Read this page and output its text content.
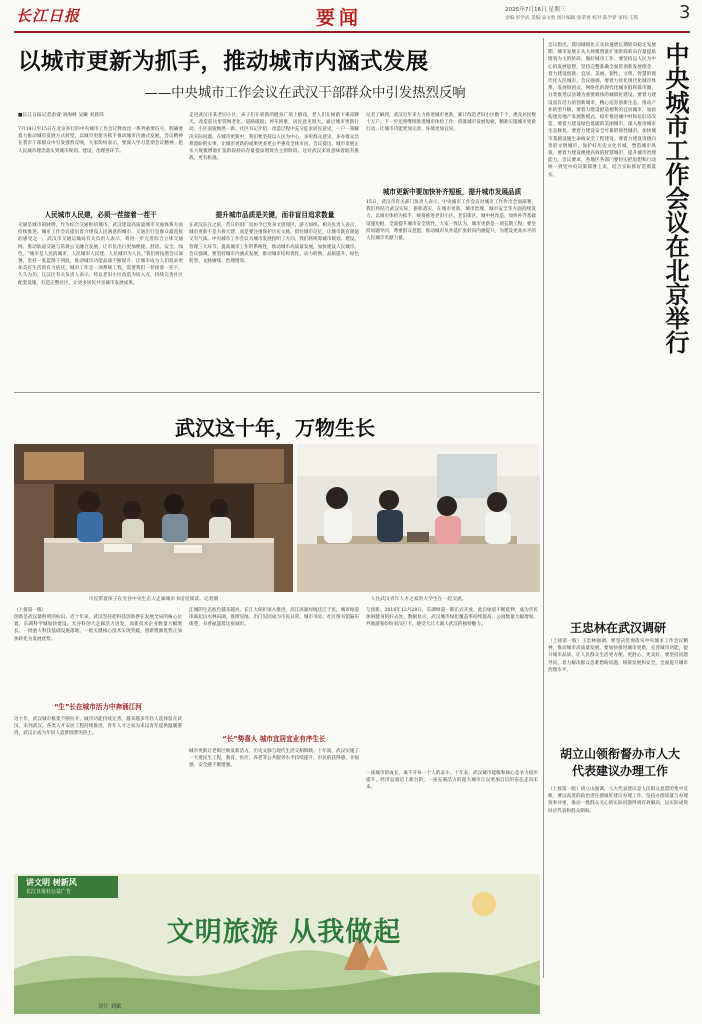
长江日报	要闻	2025年7月16日 星期三
责编:彭学武 美编:宋文胜 图片编辑:张荣勇 校对:陈学梦 审校:王琪	3
以城市更新为抓手，推动城市内涵式发展
——中央城市工作会议在武汉干部群众中引发热烈反响
■长江日报记者余睿 刘海峰 吴曦 刘晨玮
7月14日至15日在北京举行的中央城市工作会议释放出一系列重要信号，明确要着力推动城市发展方式转型，以城市更新为抓手推动城市内涵式发展。会议精神在我市干部群众中引发强烈反响，大家纷纷表示，要深入学习贯彻会议精神，把人民城市理念落实到城市规划、建设、治理各环节。
人民城市人民建，必须一茬接着一茬干
交通是城市的脉搏。作为综合交通枢纽城市，武汉建设高质量城市交通体系方面持续推进。城市工作会议提出着力建设人民满意的城市，交通出行是群众最直接的感受之一。武汉市交通运输局有关负责人表示，将进一步完善综合立体交通网，推动轨道交通与常规公交融合发展，让市民出行更加便捷、舒适、安全、绿色。“城市是人民的城市，人民城市人民建、人民城市为人民。”我们将按照会议部署，坚持一张蓝图干到底，推动城市功能品质不断提升，让城市成为人们追求更加美好生活的有力依托。城市工作是一项系统工程，需要我们一茬接着一茬干，久久为功。江汉区有关负责人表示，将以老旧小区改造为切入点，持续完善社区配套设施，打造完整社区，让更多居民共享城市发展成果。
走进武汉市某老旧小区，孩子们在崭新的健身广场上嬉戏，老人们在树荫下乘凉聊天。改造前这里管网老化、道路破损、停车困难，居民意见很大。通过城市更新行动，小区面貌焕然一新。社区书记介绍，改造过程中充分征求居民意见，一户一策解决实际问题。在城市更新中，我们要坚持以人民为中心，多听群众意见，多办群众急难愁盼的实事，让城市更新的成果更多更公平惠及全体市民。会议提出，城市发展正从大规模增量扩张阶段转向存量提质增效为主的阶段。这对武汉来说意味着既有挑战，更有机遇。
提升城市品质是关键，而非盲目追求数量
在武汉长江之滨，昔日的旧厂房如今已变身文创园区，游人如织。相关负责人表示，城市更新不是大拆大建，而是要注重保护历史文脉，留住城市记忆，让城市既有颜值又有气质。中央城市工作会议为城市发展指明了方向。我们将统筹城市规划、建设、管理三大环节，提高城市工作的系统性，推动城市高质量发展，加快建设人民城市。会议强调，要坚持城市内涵式发展，推动城市结构优化、动力转换、品质提升、绿色转型、文脉赓续、治理增效。
记者了解到，武汉近年来大力推进城市更新，累计改造老旧小区数千个，惠及居民数十万户。下一步还将继续推进城市体检工作，找准城市发展短板，精准实施城市更新行动，让城市功能更加完善、环境更加宜居。
城市更新中要加快补齐短板，提升城市发展品质
15日，武汉市有关部门负责人表示，中央城市工作会议对城市工作作出全面部署，我们将结合武汉实际，狠抓落实，在城市更新、城市治理、城市安全等方面持续发力。以城市体检为抓手，统筹推进老旧小区、老旧街区、城中村改造，加快补齐基础设施短板，全面提升城市安全韧性。大家一致认为，城市更新是一项长期工程，要坚持问题导向，尊重群众意愿，推动城市从外延扩张转向内涵提升，为建设更高水平的人民城市贡献力量。
会议指出，我国城镇化正从快速增长期转向稳定发展期，城市发展正从大规模增量扩张阶段转向存量提质增效为主的阶段。做好城市工作，要坚持以人民为中心的发展思想，坚持完整准确全面贯彻新发展理念，着力建设创新、宜居、美丽、韧性、文明、智慧的现代化人民城市。会议强调，要着力优化现代化城市体系，发展组团式、网络化的现代化城市群和都市圈，分类推进以县城为重要载体的城镇化建设。要着力建设富有活力的创新城市，精心培育创新生态，推动产业转型升级。要着力建设舒适便利的宜居城市，加快构建房地产发展新模式，稳步推进城中村和危旧房改造。要着力建设绿色低碳的美丽城市，深入推进城市生态修复。要着力建设安全可靠的韧性城市，加快城市基础设施生命线安全工程建设。要着力建设崇德向善的文明城市，保护好历史文化名城，塑造城市风貌。要着力建设便捷高效的智慧城市，提升城市治理能力。会议要求，各地区各部门要切实把思想和行动统一到党中央决策部署上来，结合实际抓好贯彻落实。	中央城市工作会议在北京举行
王忠林在武汉调研
（上接第一版）王忠林强调，要坚决贯彻落实中央城市工作会议精神，推动城市高质量发展。要加快推进城市更新，完善城市功能，提升城市品质，让人民群众生活更方便、更舒心、更美好。要坚持问题导向，着力解决群众急难愁盼问题，统筹发展和安全，全面提升城市治理水平。
胡立山领衔督办市人大代表建议办理工作
（上接第一版）胡立山强调，人大代表建议是人民群众意愿的集中反映，要以高度的政治责任感做好建议办理工作，坚持办理质量与办理效率并重，推动一批群众关心的实际问题得到有效解决，以实际成效回应代表和群众期盼。
武汉这十年，万物生长
市民带着孩子在光谷中央生态大走廊城市书房里阅读。记者摄	人住武汉青年人才之家的大学生在一起交流。
（上接第一版）
创新是武汉最鲜明的标识。近十年来，武汉坚持把科技创新摆在发展全局的核心位置，东湖科学城加快建设，光谷科创大走廊活力迸发，高新技术企业数量大幅增长。一批重大科技基础设施落地，一批关键核心技术实现突破，创新资源优势正加快转化为发展优势。
“生”长在城市活力中奔涌江河
这十年，武汉城市框架不断拉开，城市功能持续完善，越来越多年轻人选择留在武汉、来到武汉。各类人才安居工程持续推进，青年人才之家为来汉青年提供温暖港湾，武汉正成为年轻人追梦圆梦的热土。
江城的生态底色越来越亮。长江大保护深入推进，滨江滨湖岸线还江于民，城市绿道串联起山水林田湖，推窗见绿、出门见园成为市民日常。城市书房、社区图书馆遍布街巷，书香氤氲着这座城市。
“长”势喜人 城市宜居宜业有序生长
城市更新让老街区焕发新活力，历史文脉与现代生活交相辉映。十年间，武汉实施了一大批民生工程，教育、医疗、养老等公共服务水平持续提升，市民的获得感、幸福感、安全感不断增强。
与创新。2016年12月28日，东湖绿道一期正式开放，此后绿道不断延伸，成为市民休闲健身的好去处。数据显示，武汉城市绿化覆盖率持续提高，公园数量大幅增加。外地游客纷纷来汉打卡，感受大江大湖大武汉的独特魅力。
一座城市的成长，离不开每一个人的奋斗。十年来，武汉城市能级和核心竞争力稳步提升，经济总量迈上新台阶，一座充满活力的超大城市正以更加自信的姿态走向未来。
讲文明 树新风
长江日报社公益广告
文明旅游 从我做起
设计 刘斌
